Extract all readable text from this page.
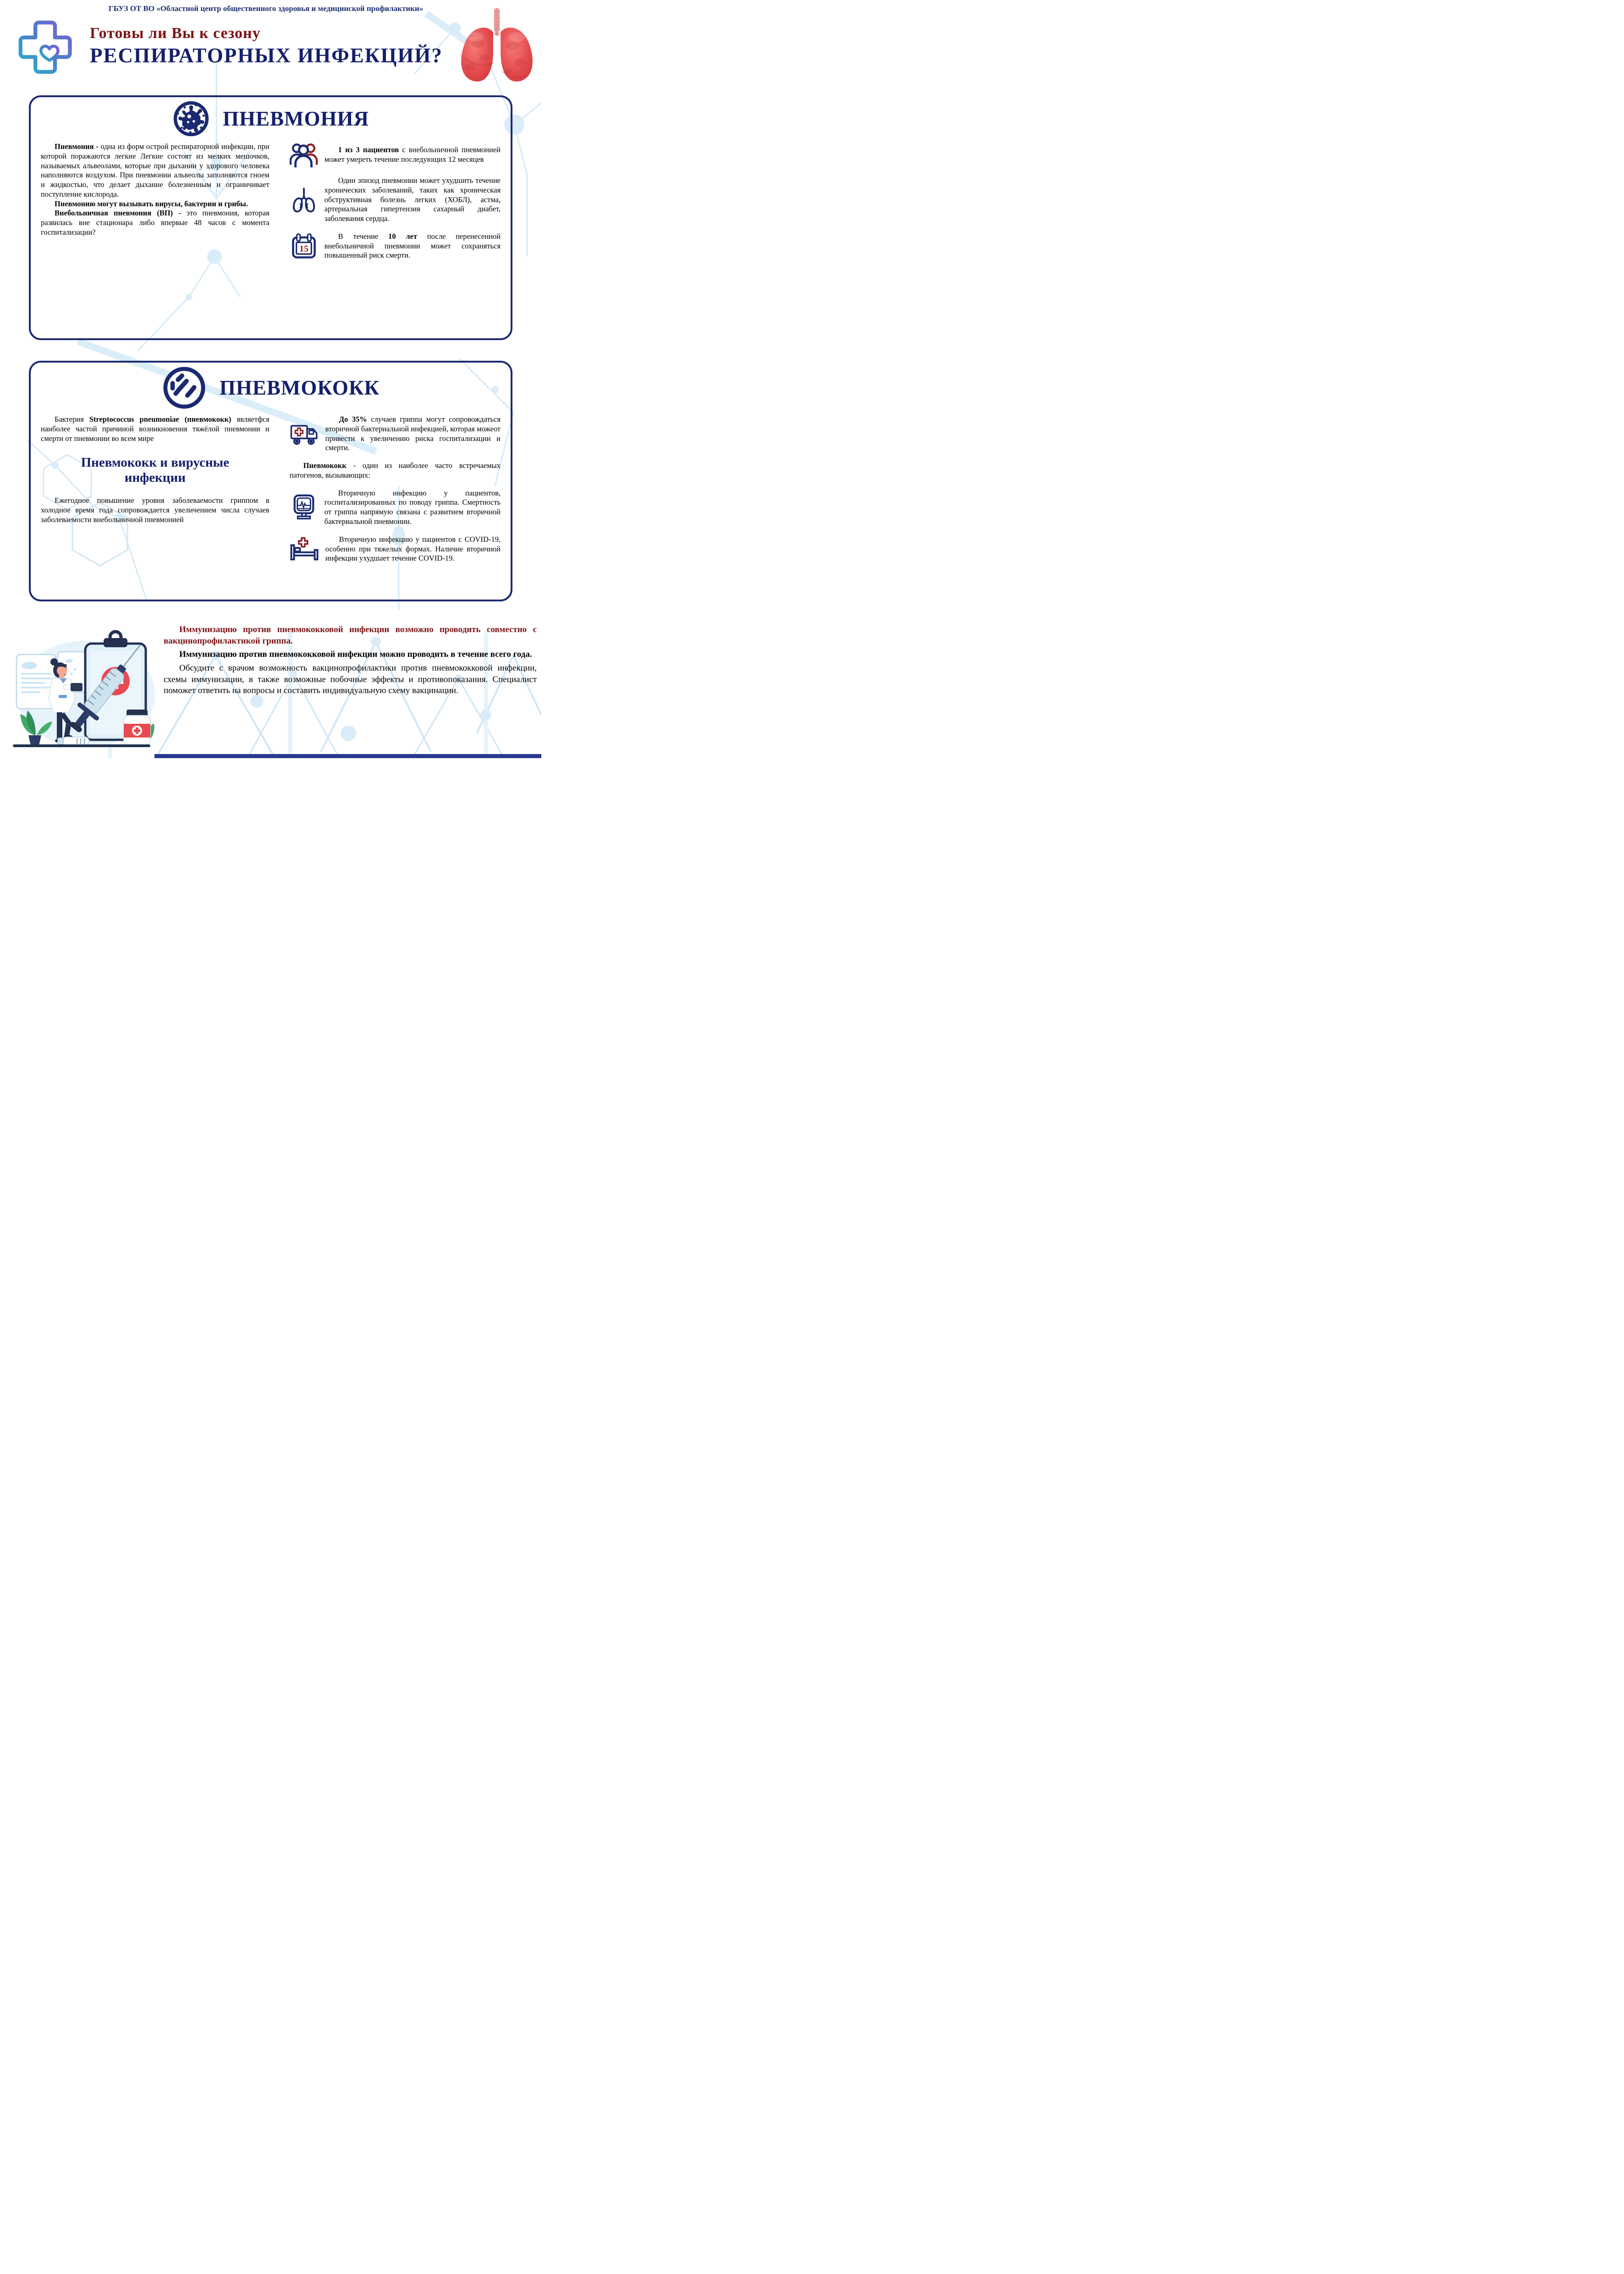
ГБУЗ ОТ ВО «Областной центр общественного здоровья и медицинской профилактики»
Готовы ли Вы к сезону
РЕСПИРАТОРНЫХ ИНФЕКЦИЙ?
ПНЕВМОНИЯ

Пневмония - одна из форм острой респираторной инфекции, при которой поражаются легкие Легкие состоят из мелких мешочков, называемых альвеолами, которые при дыхании у здорового человека наполняются воздухом. При пневмонии альвеолы заполняются гноем и жидкостью, что делает дыхание болезненным и ограничивает поступление кислорода.

Пневмонию могут вызывать вирусы, бактерии и грибы.

Внебольничная пневмония (ВП) - это пневмония, которая развилась вне стационара либо впервые 48 часов с момента госпитализации?

1 из 3 пациентов с внебольничной пневмонией может умереть течение последующих 12 месяцев

Один эпизод пневмонии может ухудшить течение хронических заболеваний, таких как хроническая обструктивная болезнь легких (ХОБЛ), астма, артериальная гипертензия сахарный диабет, заболевания сердца.

15

В течение 10 лет после перенесенной внебольничной пневмонии может сохраняться повышенный риск смерти.

ПНЕВМОКОКК

Бактерия Streptococcus pneumoniae (пневмококк) являетфся наиболее частой причиной возникновения тяжёлой пневмонии и смерти от пневмонии во всем мире

Пневмококк и вирусные инфекции

Ежегодное повышение уровня заболеваемости гриппом в холодное время года сопровождается увеличением числа случаев заболеваемости внебольничной пневмонией

До 35% случаев гриппа могут сопровождаться вторичной бактериальной инфекцией, которая можеот привести к увеличению риска госпитализации и смерти.

Пневмококк - один из наиболее часто встречаемых патогенов, вызывающих:

Вторичную инфекцию у пациентов, госпитализированных по поводу гриппа. Смертность от гриппа напрямую связана с развитием вторичной бактериальной пневмонии.

Вторичную инфекцию у пациентов с COVID-19, особенно при тяжелых формах. Наличие вторичной инфекции ухудшает течение COVID-19.

Иммунизацию против пневмококковой инфекции возможно проводить совместно с вакцинопрофилактикой гриппа.

Иммунизацию против пневмококковой инфекции можно проводить в течение всего года.

Обсудите с врачом возможность вакцинопрофилактики против пневмококковой инфекции, схемы иммунизации, в также возможные побочные эффекты и противопоказания. Специалист поможет ответить на вопросы и составить индивидуальную схему вакцинации.
